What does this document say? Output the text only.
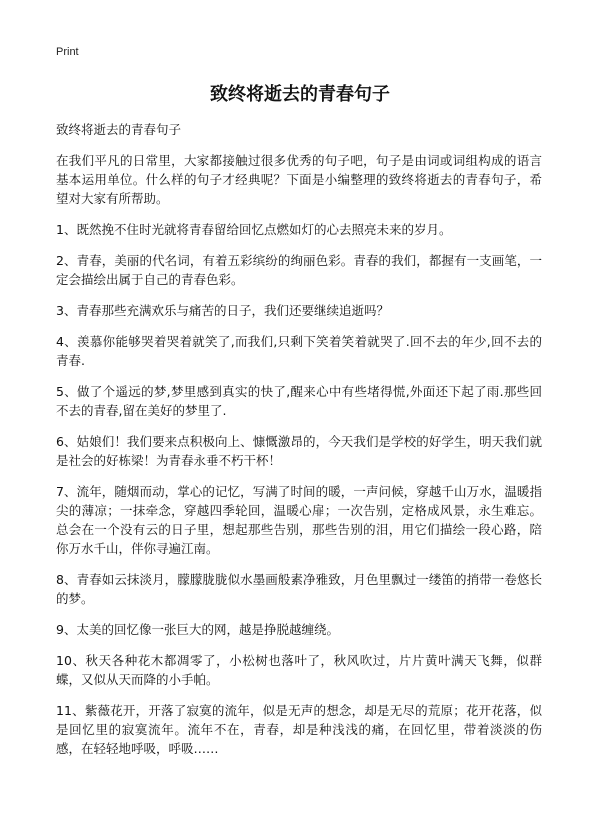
Print
致终将逝去的青春句子

致终将逝去的青春句子

在我们平凡的日常里，大家都接触过很多优秀的句子吧，句子是由词或词组构成的语言基本运用单位。什么样的句子才经典呢？下面是小编整理的致终将逝去的青春句子，希望对大家有所帮助。

1、既然挽不住时光就将青春留给回忆点燃如灯的心去照亮未来的岁月。

2、青春，美丽的代名词，有着五彩缤纷的绚丽色彩。青春的我们，都握有一支画笔，一定会描绘出属于自己的青春色彩。

3、青春那些充满欢乐与痛苦的日子，我们还要继续追逝吗？

4、羡慕你能够哭着哭着就笑了,而我们,只剩下笑着笑着就哭了.回不去的年少,回不去的青春.

5、做了个遥远的梦,梦里感到真实的快了,醒来心中有些堵得慌,外面还下起了雨.那些回不去的青春,留在美好的梦里了.

6、姑娘们！我们要来点积极向上、慷慨激昂的，今天我们是学校的好学生，明天我们就是社会的好栋梁！为青春永垂不朽干杯！

7、流年，随烟而动，掌心的记忆，写满了时间的暖，一声问候，穿越千山万水，温暖指尖的薄凉；一抹牵念，穿越四季轮回，温暖心扉；一次告别，定格成风景，永生难忘。总会在一个没有云的日子里，想起那些告别，那些告别的泪，用它们描绘一段心路，陪你万水千山，伴你寻遍江南。

8、青春如云抹淡月，朦朦胧胧似水墨画般素净雅致，月色里飘过一缕笛的捎带一卷悠长的梦。

9、太美的回忆像一张巨大的网，越是挣脱越缠绕。

10、秋天各种花木都凋零了，小松树也落叶了，秋风吹过，片片黄叶满天飞舞，似群蝶，又似从天而降的小手帕。

11、紫薇花开，开落了寂寞的流年，似是无声的想念，却是无尽的荒原；花开花落，似是回忆里的寂寞流年。流年不在，青春，却是种浅浅的痛，在回忆里，带着淡淡的伤感，在轻轻地呼吸，呼吸……
